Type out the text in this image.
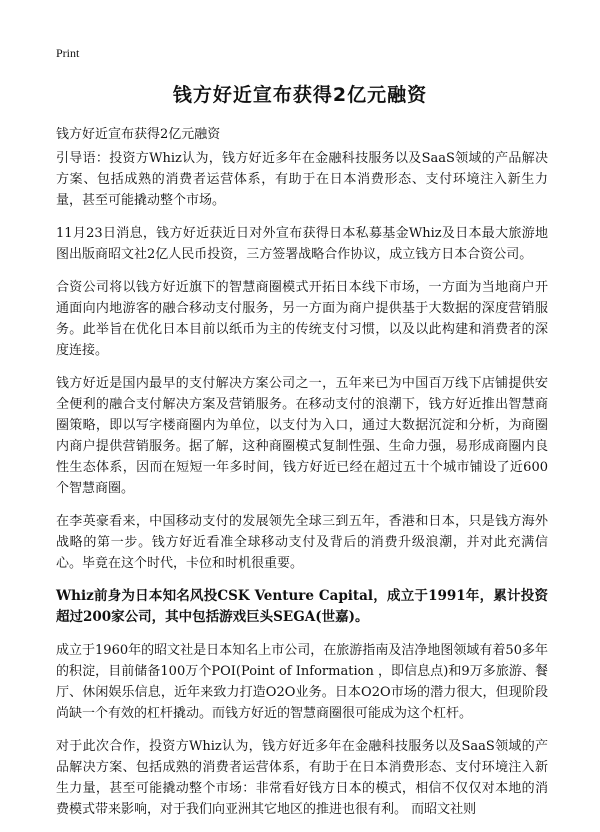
Print
钱方好近宣布获得2亿元融资
钱方好近宣布获得2亿元融资

引导语：投资方Whiz认为，钱方好近多年在金融科技服务以及SaaS领域的产品解决方案、包括成熟的消费者运营体系，有助于在日本消费形态、支付环境注入新生力量，甚至可能撬动整个市场。

11月23日消息，钱方好近获近日对外宣布获得日本私募基金Whiz及日本最大旅游地图出版商昭文社2亿人民币投资，三方签署战略合作协议，成立钱方日本合资公司。

合资公司将以钱方好近旗下的智慧商圈模式开拓日本线下市场，一方面为当地商户开通面向内地游客的融合移动支付服务，另一方面为商户提供基于大数据的深度营销服务。此举旨在优化日本目前以纸币为主的传统支付习惯，以及以此构建和消费者的深度连接。

钱方好近是国内最早的支付解决方案公司之一，五年来已为中国百万线下店铺提供安全便利的融合支付解决方案及营销服务。在移动支付的浪潮下，钱方好近推出智慧商圈策略，即以写字楼商圈内为单位，以支付为入口，通过大数据沉淀和分析，为商圈内商户提供营销服务。据了解，这种商圈模式复制性强、生命力强，易形成商圈内良性生态体系，因而在短短一年多时间，钱方好近已经在超过五十个城市铺设了近600个智慧商圈。

在李英豪看来，中国移动支付的发展领先全球三到五年，香港和日本，只是钱方海外战略的第一步。钱方好近看准全球移动支付及背后的消费升级浪潮，并对此充满信心。毕竟在这个时代，卡位和时机很重要。

Whiz前身为日本知名风投CSK Venture Capital，成立于1991年，累计投资超过200家公司，其中包括游戏巨头SEGA(世嘉)。

成立于1960年的昭文社是日本知名上市公司，在旅游指南及洁净地图领域有着50多年的积淀，目前储备100万个POI(Point of Information ，即信息点)和9万多旅游、餐厅、休闲娱乐信息，近年来致力打造O2O业务。日本O2O市场的潜力很大，但现阶段尚缺一个有效的杠杆撬动。而钱方好近的智慧商圈很可能成为这个杠杆。

对于此次合作，投资方Whiz认为，钱方好近多年在金融科技服务以及SaaS领域的产品解决方案、包括成熟的消费者运营体系，有助于在日本消费形态、支付环境注入新生力量，甚至可能撬动整个市场：非常看好钱方日本的模式，相信不仅仅对本地的消费模式带来影响，对于我们向亚洲其它地区的推进也很有利。 而昭文社则
